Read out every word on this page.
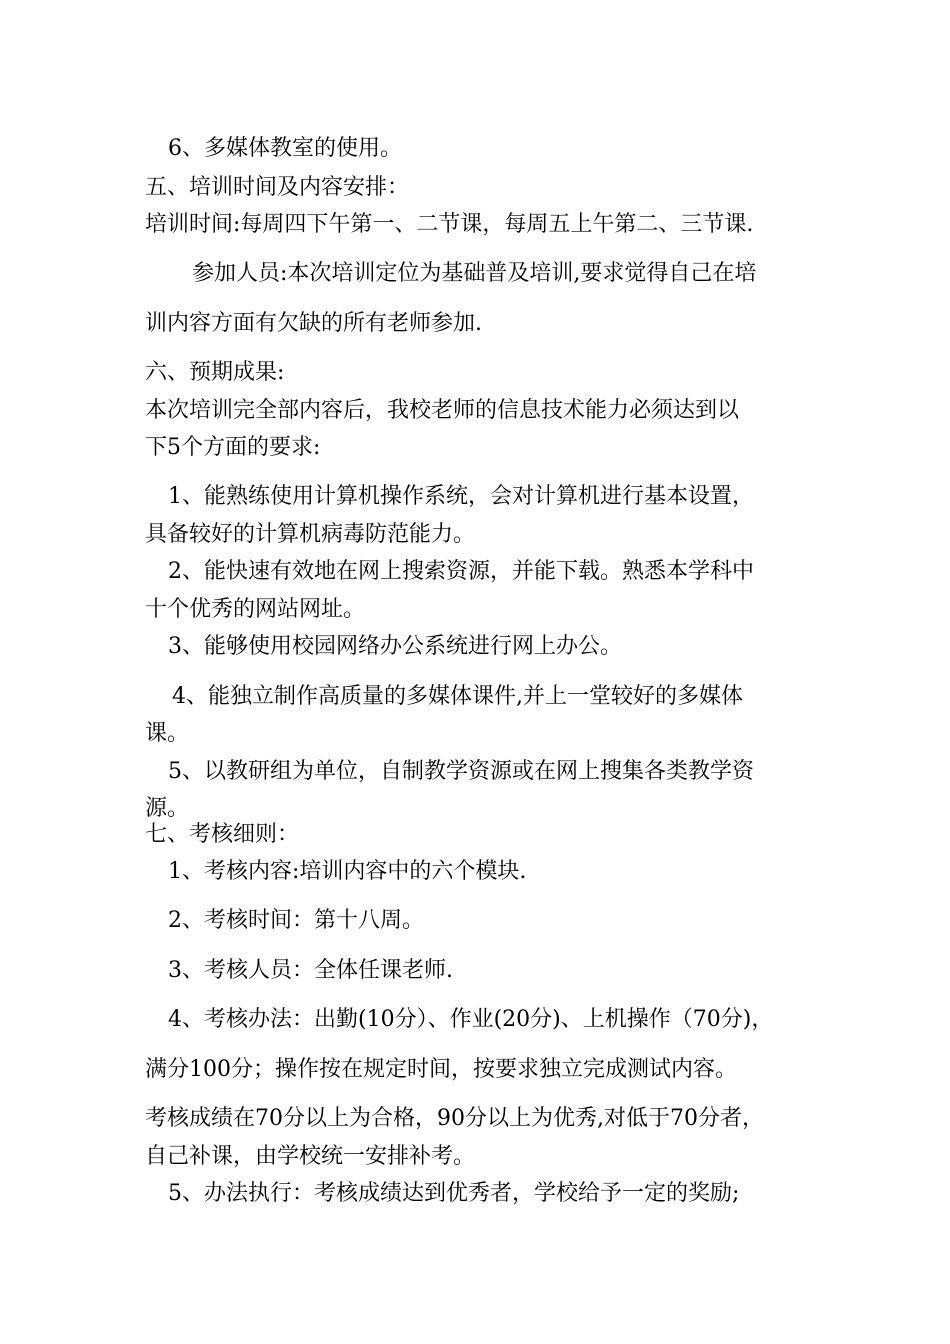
6、多媒体教室的使用。
五、培训时间及内容安排：
培训时间:每周四下午第一、二节课，每周五上午第二、三节课.
参加人员:本次培训定位为基础普及培训,要求觉得自己在培
训内容方面有欠缺的所有老师参加.
六、预期成果:
本次培训完全部内容后，我校老师的信息技术能力必须达到以
下5个方面的要求:
1、能熟练使用计算机操作系统，会对计算机进行基本设置，
具备较好的计算机病毒防范能力。
2、能快速有效地在网上搜索资源，并能下载。熟悉本学科中
十个优秀的网站网址。
3、能够使用校园网络办公系统进行网上办公。
4、能独立制作高质量的多媒体课件,并上一堂较好的多媒体
课。
5、以教研组为单位，自制教学资源或在网上搜集各类教学资
源。
七、考核细则：
1、考核内容:培训内容中的六个模块.
2、考核时间：第十八周。
3、考核人员：全体任课老师.
4、考核办法：出勤(10分）、作业(20分)、上机操作（70分)，
满分100分；操作按在规定时间，按要求独立完成测试内容。
考核成绩在70分以上为合格，90分以上为优秀,对低于70分者，
自己补课，由学校统一安排补考。
5、办法执行：考核成绩达到优秀者，学校给予一定的奖励;
